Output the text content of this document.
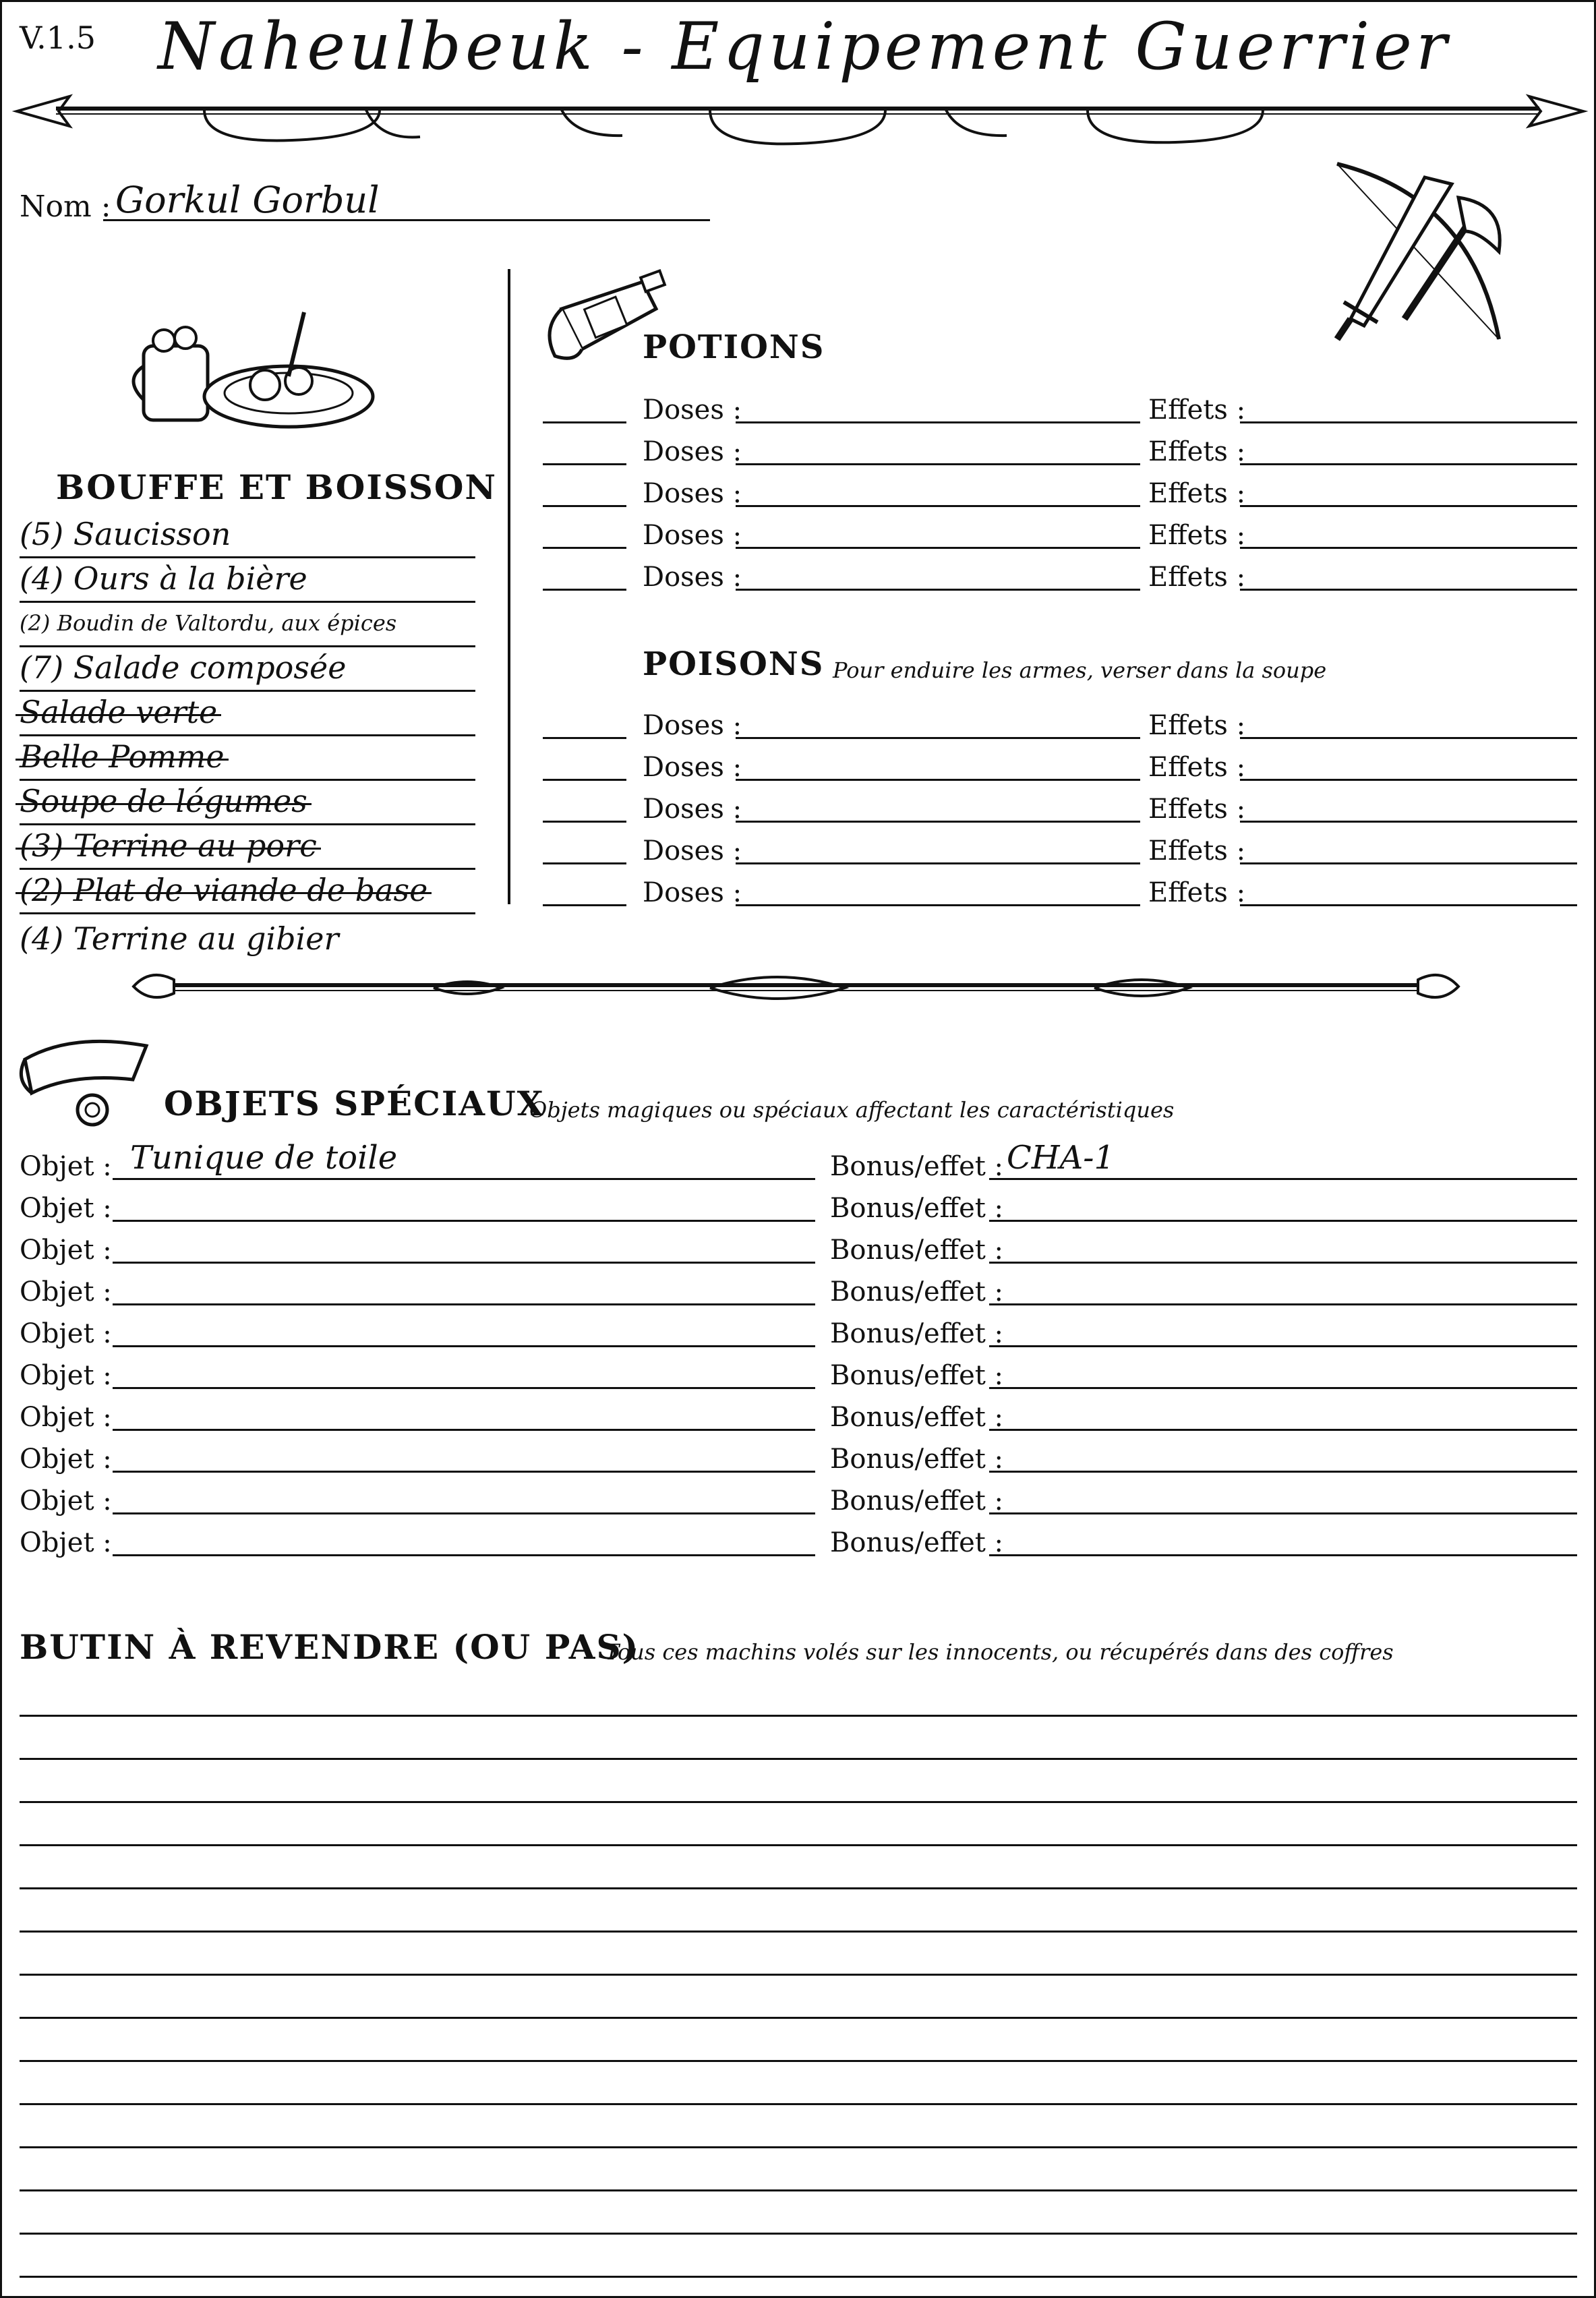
V.1.5 Naheulbeuk - Equipement Guerrier
Nom : Gorkul Gorbul
BOUFFE ET BOISSON
(5) Saucisson
(4) Ours à la bière
(2) Boudin de Valtordu, aux épices
(7) Salade composée
Salade verte
Belle Pomme
Soupe de légumes
(3) Terrine au porc
(2) Plat de viande de base
(4) Terrine au gibier
POTIONS
Doses :	Effets :
Doses :	Effets :
Doses :	Effets :
Doses :	Effets :
Doses :	Effets :
POISONS Pour enduire les armes, verser dans la soupe
Doses :	Effets :
Doses :	Effets :
Doses :	Effets :
Doses :	Effets :
Doses :	Effets :
OBJETS SPÉCIAUX
Objets magiques ou spéciaux affectant les caractéristiques
Objet : Tunique de toile	Bonus/effet : CHA-1
Objet :	Bonus/effet :
Objet :	Bonus/effet :
Objet :	Bonus/effet :
Objet :	Bonus/effet :
Objet :	Bonus/effet :
Objet :	Bonus/effet :
Objet :	Bonus/effet :
Objet :	Bonus/effet :
Objet :	Bonus/effet :
BUTIN À REVENDRE (OU PAS)
Tous ces machins volés sur les innocents, ou récupérés dans des coffres
